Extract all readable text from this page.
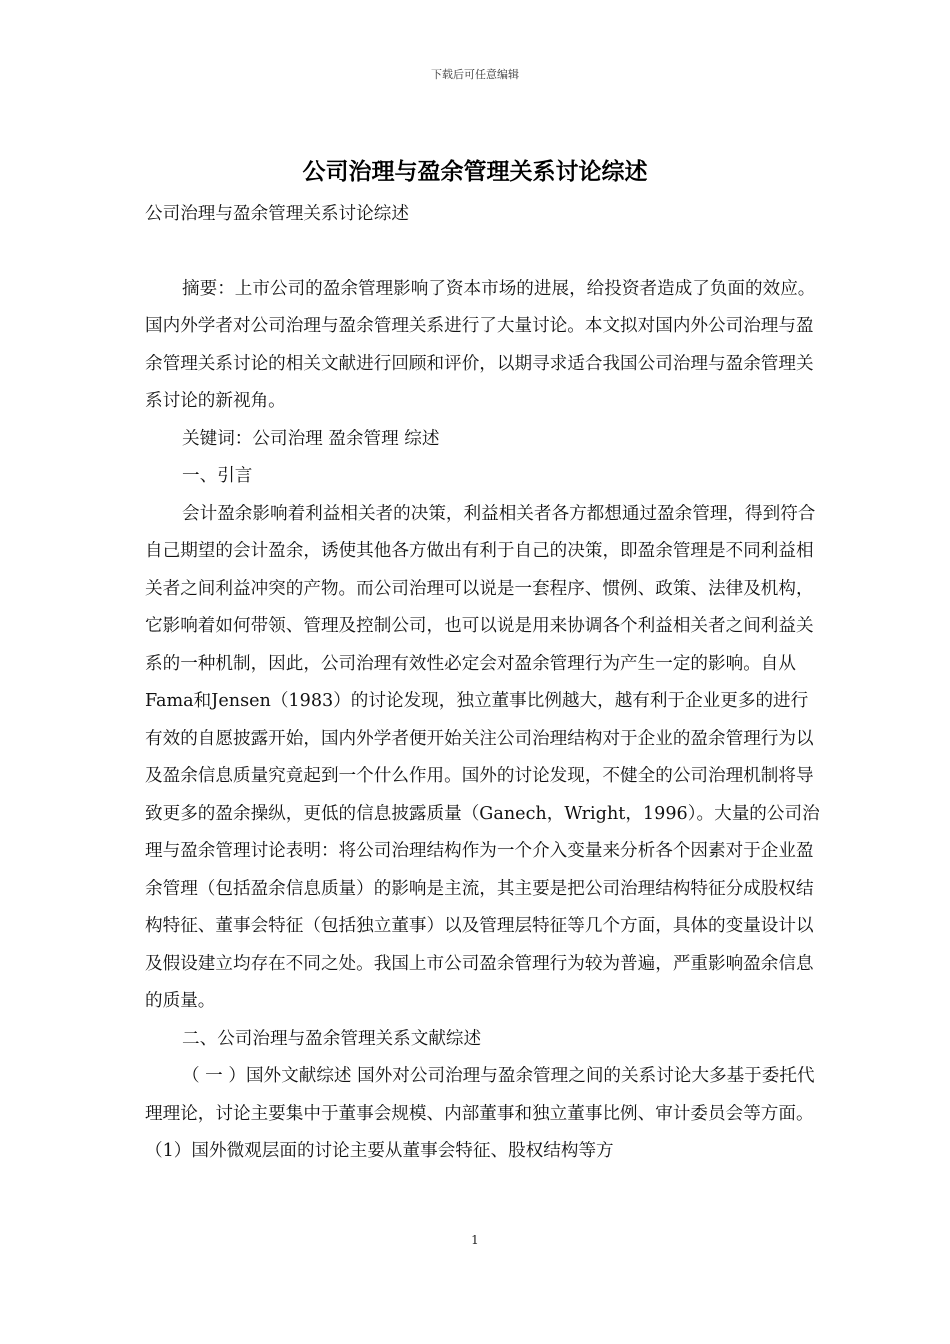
下载后可任意编辑
公司治理与盈余管理关系讨论综述

公司治理与盈余管理关系讨论综述

摘要：上市公司的盈余管理影响了资本市场的进展，给投资者造成了负面的效应。国内外学者对公司治理与盈余管理关系进行了大量讨论。本文拟对国内外公司治理与盈余管理关系讨论的相关文献进行回顾和评价，以期寻求适合我国公司治理与盈余管理关系讨论的新视角。

关键词：公司治理 盈余管理 综述

一、引言

会计盈余影响着利益相关者的决策，利益相关者各方都想通过盈余管理，得到符合自己期望的会计盈余，诱使其他各方做出有利于自己的决策，即盈余管理是不同利益相关者之间利益冲突的产物。而公司治理可以说是一套程序、惯例、政策、法律及机构，它影响着如何带领、管理及控制公司，也可以说是用来协调各个利益相关者之间利益关系的一种机制，因此，公司治理有效性必定会对盈余管理行为产生一定的影响。自从Fama和Jensen（1983）的讨论发现，独立董事比例越大，越有利于企业更多的进行有效的自愿披露开始，国内外学者便开始关注公司治理结构对于企业的盈余管理行为以及盈余信息质量究竟起到一个什么作用。国外的讨论发现，不健全的公司治理机制将导致更多的盈余操纵，更低的信息披露质量（Ganech，Wright，1996）。大量的公司治理与盈余管理讨论表明：将公司治理结构作为一个介入变量来分析各个因素对于企业盈余管理（包括盈余信息质量）的影响是主流，其主要是把公司治理结构特征分成股权结构特征、董事会特征（包括独立董事）以及管理层特征等几个方面，具体的变量设计以及假设建立均存在不同之处。我国上市公司盈余管理行为较为普遍，严重影响盈余信息的质量。

二、公司治理与盈余管理关系文献综述

（ 一 ）国外文献综述 国外对公司治理与盈余管理之间的关系讨论大多基于委托代理理论，讨论主要集中于董事会规模、内部董事和独立董事比例、审计委员会等方面。（1）国外微观层面的讨论主要从董事会特征、股权结构等方

1
